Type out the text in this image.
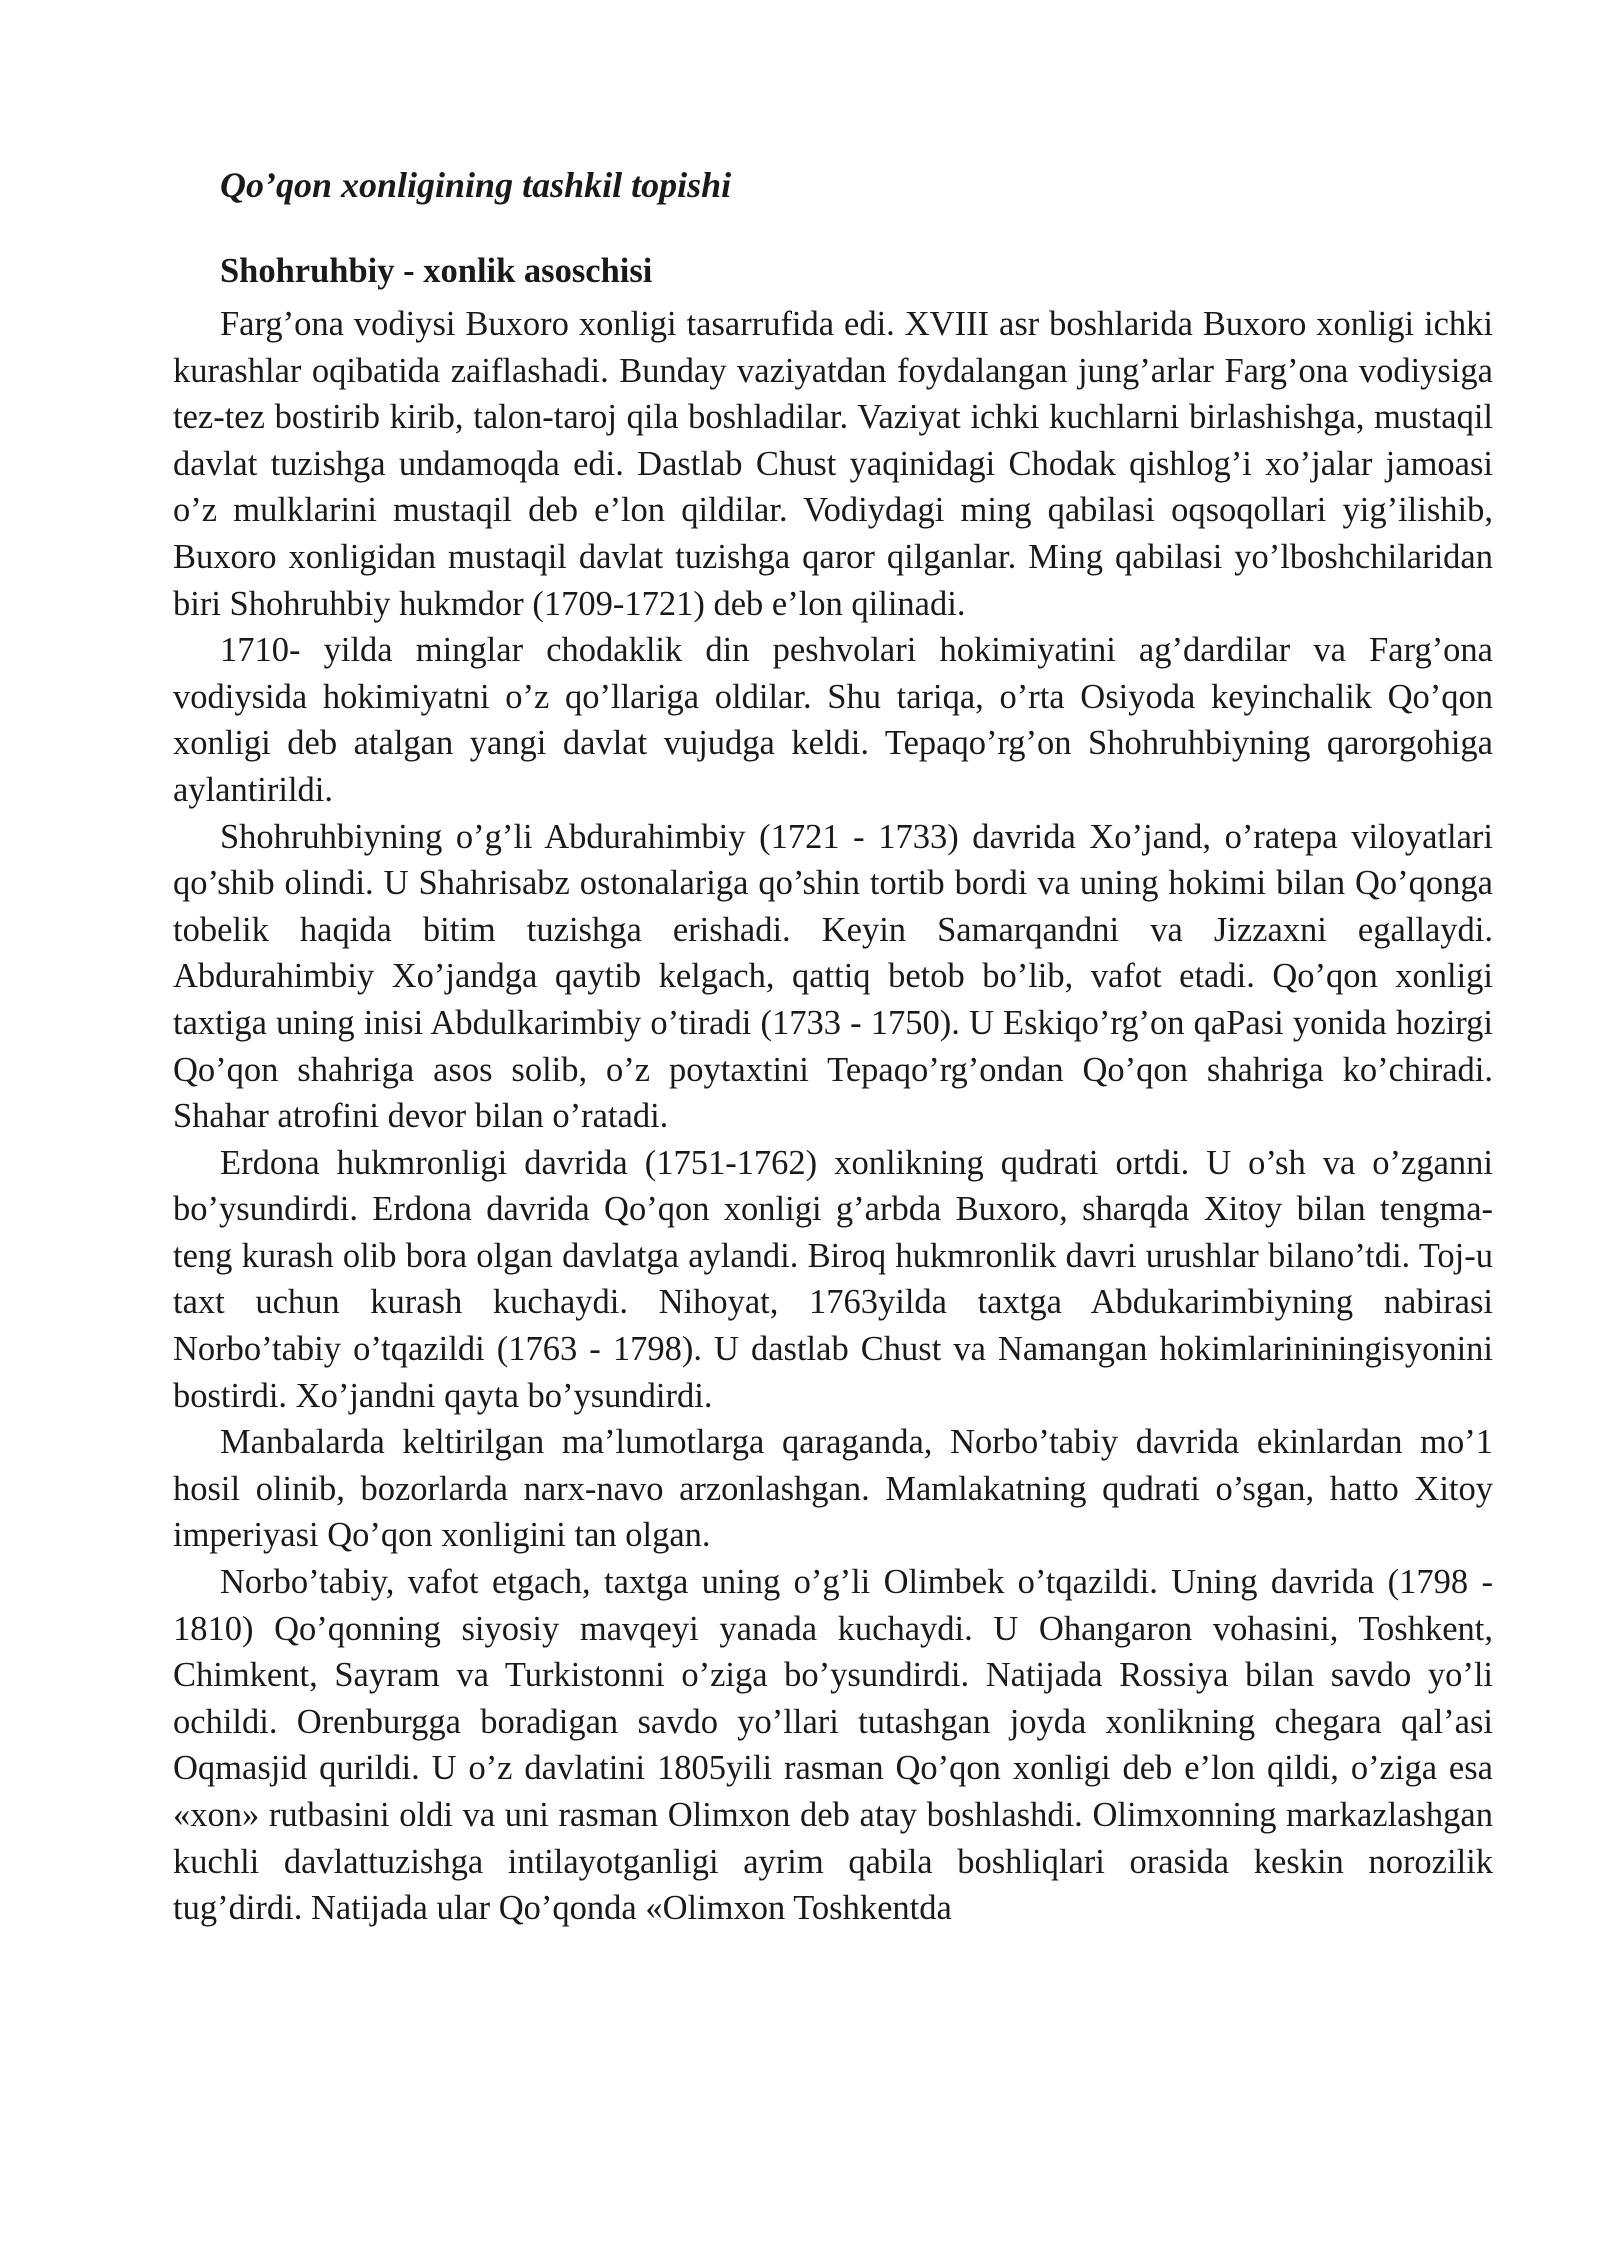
Qo’qon xonligining tashkil topishi
Shohruhbiy - xonlik asoschisi

Farg’ona vodiysi Buxoro xonligi tasarrufida edi. XVIII asr boshlarida Buxoro xonligi ichki kurashlar oqibatida zaiflashadi. Bunday vaziyatdan foydalangan jung’arlar Farg’ona vodiysiga tez-tez bostirib kirib, talon-taroj qila boshladilar. Vaziyat ichki kuchlarni birlashishga, mustaqil davlat tuzishga undamoqda edi. Dastlab Chust yaqinidagi Chodak qishlog’i xo’jalar jamoasi o’z mulklarini mustaqil deb e’lon qildilar. Vodiydagi ming qabilasi oqsoqollari yig’ilishib, Buxoro xonligidan mustaqil davlat tuzishga qaror qilganlar. Ming qabilasi yo’lboshchilaridan biri Shohruhbiy hukmdor (1709-1721) deb e’lon qilinadi.

1710- yilda minglar chodaklik din peshvolari hokimiyatini ag’dardilar va Farg’ona vodiysida hokimiyatni o’z qo’llariga oldilar. Shu tariqa, o’rta Osiyoda keyinchalik Qo’qon xonligi deb atalgan yangi davlat vujudga keldi. Tepaqo’rg’on Shohruhbiyning qarorgohiga aylantirildi.

Shohruhbiyning o’g’li Abdurahimbiy (1721 - 1733) davrida Xo’jand, o’ratepa viloyatlari qo’shib olindi. U Shahrisabz ostonalariga qo’shin tortib bordi va uning hokimi bilan Qo’qonga tobelik haqida bitim tuzishga erishadi. Keyin Samarqandni va Jizzaxni egallaydi. Abdurahimbiy Xo’jandga qaytib kelgach, qattiq betob bo’lib, vafot etadi. Qo’qon xonligi taxtiga uning inisi Abdulkarimbiy o’tiradi (1733 - 1750). U Eskiqo’rg’on qaPasi yonida hozirgi Qo’qon shahriga asos solib, o’z poytaxtini Tepaqo’rg’ondan Qo’qon shahriga ko’chiradi. Shahar atrofini devor bilan o’ratadi.

Erdona hukmronligi davrida (1751-1762) xonlikning qudrati ortdi. U o’sh va o’zganni bo’ysundirdi. Erdona davrida Qo’qon xonligi g’arbda Buxoro, sharqda Xitoy bilan tengma-teng kurash olib bora olgan davlatga aylandi. Biroq hukmronlik davri urushlar bilano’tdi. Toj-u taxt uchun kurash kuchaydi. Nihoyat, 1763yilda taxtga Abdukarimbiyning nabirasi Norbo’tabiy o’tqazildi (1763 - 1798). U dastlab Chust va Namangan hokimlarininingisyonini bostirdi. Xo’jandni qayta bo’ysundirdi.

Manbalarda keltirilgan ma’lumotlarga qaraganda, Norbo’tabiy davrida ekinlardan mo’1 hosil olinib, bozorlarda narx-navo arzonlashgan. Mamlakatning qudrati o’sgan, hatto Xitoy imperiyasi Qo’qon xonligini tan olgan.

Norbo’tabiy, vafot etgach, taxtga uning o’g’li Olimbek o’tqazildi. Uning davrida (1798 - 1810) Qo’qonning siyosiy mavqeyi yanada kuchaydi. U Ohangaron vohasini, Toshkent, Chimkent, Sayram va Turkistonni o’ziga bo’ysundirdi. Natijada Rossiya bilan savdo yo’li ochildi. Orenburgga boradigan savdo yo’llari tutashgan joyda xonlikning chegara qal’asi Oqmasjid qurildi. U o’z davlatini 1805yili rasman Qo’qon xonligi deb e’lon qildi, o’ziga esa «xon» rutbasini oldi va uni rasman Olimxon deb atay boshlashdi. Olimxonning markazlashgan kuchli davlattuzishga intilayotganligi ayrim qabila boshliqlari orasida keskin norozilik tug’dirdi. Natijada ular Qo’qonda «Olimxon Toshkentda
